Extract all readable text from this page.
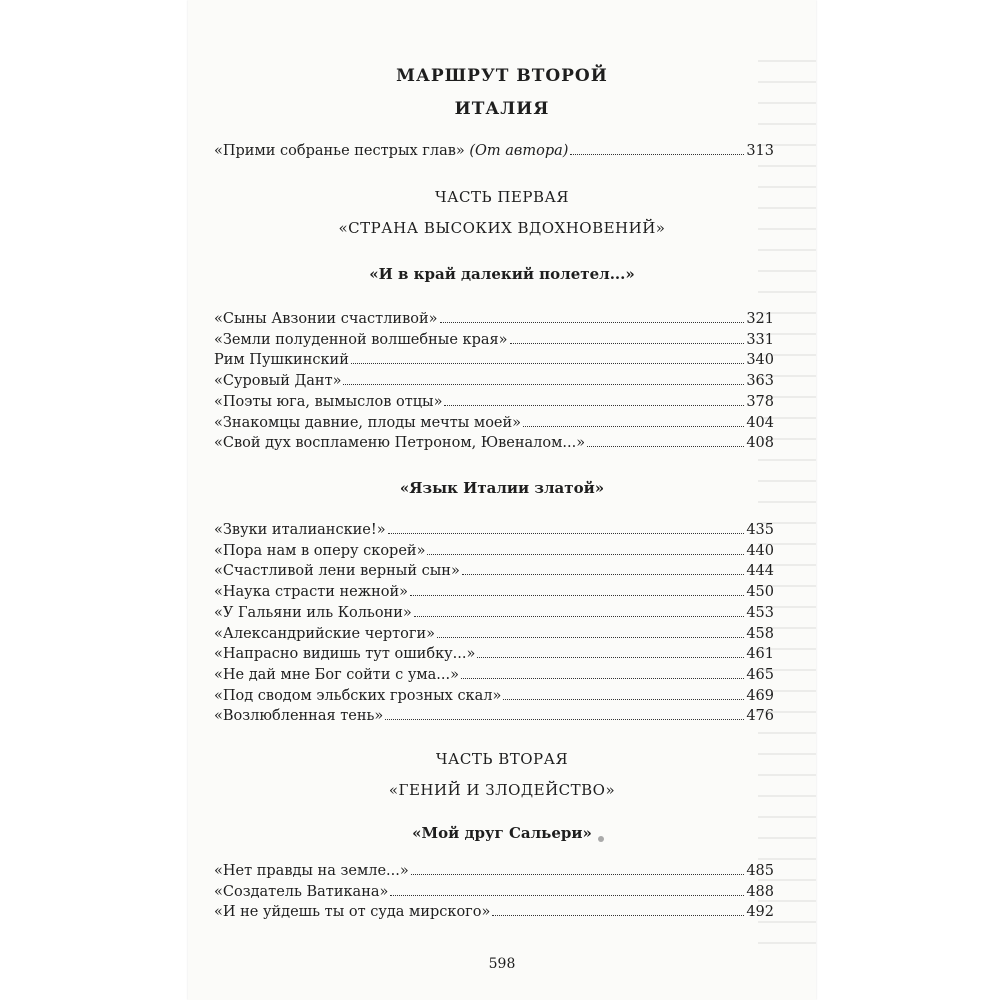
МАРШРУТ ВТОРОЙ
ИТАЛИЯ
«Прими собранье пестрых глав» (От автора)	313
ЧАСТЬ ПЕРВАЯ
«СТРАНА ВЫСОКИХ ВДОХНОВЕНИЙ»
«И в край далекий полетел...»
«Сыны Авзонии счастливой»	321
«Земли полуденной волшебные края»	331
Рим Пушкинский	340
«Суровый Дант»	363
«Поэты юга, вымыслов отцы»	378
«Знакомцы давние, плоды мечты моей»	404
«Свой дух воспламеню Петроном, Ювеналом...»	408
«Язык Италии златой»
«Звуки италианские!»	435
«Пора нам в оперу скорей»	440
«Счастливой лени верный сын»	444
«Наука страсти нежной»	450
«У Гальяни иль Кольони»	453
«Александрийские чертоги»	458
«Напрасно видишь тут ошибку...»	461
«Не дай мне Бог сойти с ума...»	465
«Под сводом эльбских грозных скал»	469
«Возлюбленная тень»	476
ЧАСТЬ ВТОРАЯ
«ГЕНИЙ И ЗЛОДЕЙСТВО»
«Мой друг Сальери»
«Нет правды на земле...»	485
«Создатель Ватикана»	488
«И не уйдешь ты от суда мирского»	492
598
